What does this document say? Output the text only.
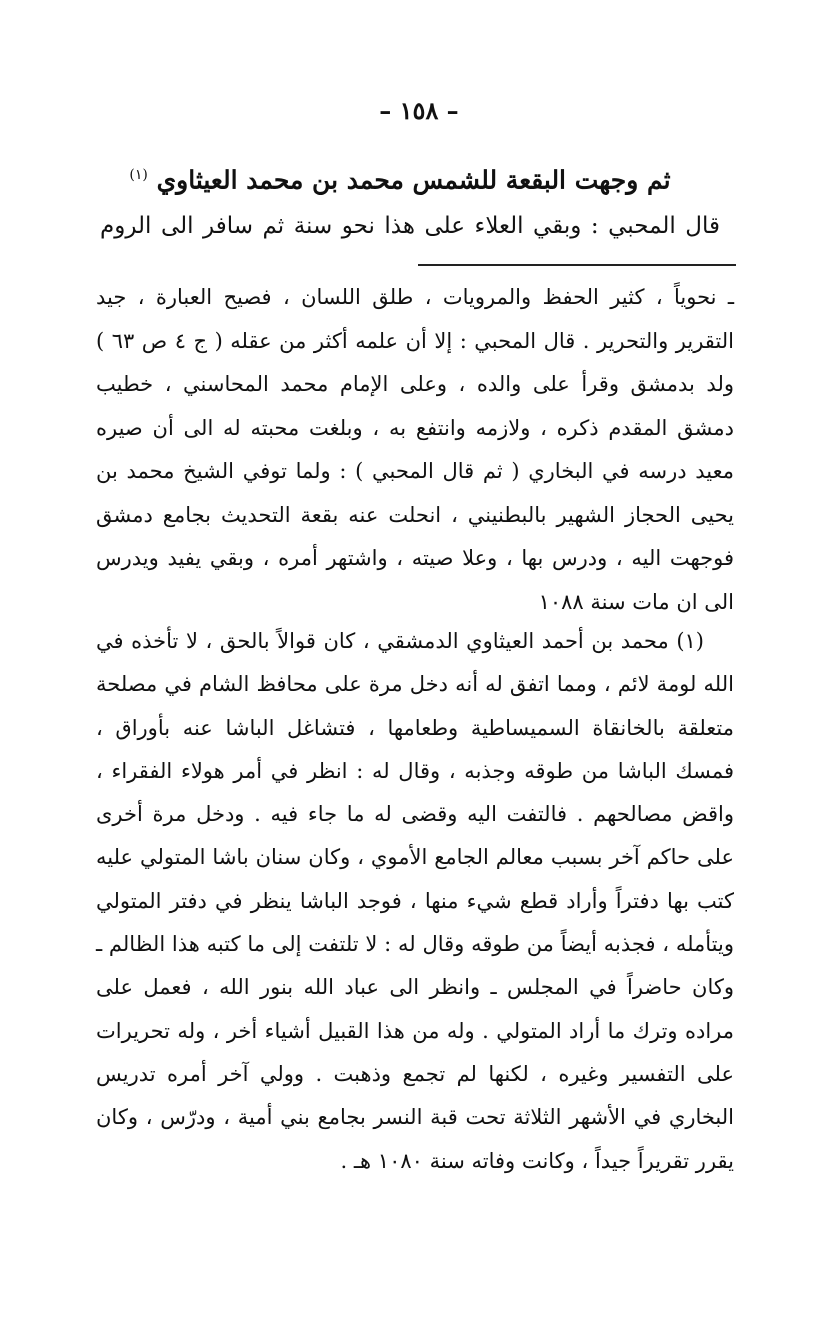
– ١٥٨ –
ثم وجهت البقعة للشمس محمد بن محمد العيثاوي $^{(١)}$
قال المحبي : وبقي العلاء على هذا نحو سنة ثم سافر الى الروم

ـ نحوياً ، كثير الحفظ والمرويات ، طلق اللسان ، فصيح العبارة ، جيد التقرير والتحرير . قال المحبي : إلا أن علمه أكثر من عقله ( ج ٤ ص ٦٣ ) ولد بدمشق وقرأ على والده ، وعلى الإمام محمد المحاسني ، خطيب دمشق المقدم ذكره ، ولازمه وانتفع به ، وبلغت محبته له الى أن صيره معيد درسه في البخاري ( ثم قال المحبي ) : ولما توفي الشيخ محمد بن يحيى الحجاز الشهير بالبطنيني ، انحلت عنه بقعة التحديث بجامع دمشق فوجهت اليه ، ودرس بها ، وعلا صيته ، واشتهر أمره ، وبقي يفيد ويدرس الى ان مات سنة ١٠٨٨

(١) محمد بن أحمد العيثاوي الدمشقي ، كان قوالاً بالحق ، لا تأخذه في الله لومة لائم ، ومما اتفق له أنه دخل مرة على محافظ الشام في مصلحة متعلقة بالخانقاة السميساطية وطعامها ، فتشاغل الباشا عنه بأوراق ، فمسك الباشا من طوقه وجذبه ، وقال له : انظر في أمر هولاء الفقراء ، واقض مصالحهم . فالتفت اليه وقضى له ما جاء فيه . ودخل مرة أخرى على حاكم آخر بسبب معالم الجامع الأموي ، وكان سنان باشا المتولي عليه كتب بها دفتراً وأراد قطع شيء منها ، فوجد الباشا ينظر في دفتر المتولي ويتأمله ، فجذبه أيضاً من طوقه وقال له : لا تلتفت إلى ما كتبه هذا الظالم ـ وكان حاضراً في المجلس ـ وانظر الى عباد الله بنور الله ، فعمل على مراده وترك ما أراد المتولي . وله من هذا القبيل أشياء أخر ، وله تحريرات على التفسير وغيره ، لكنها لم تجمع وذهبت . وولي آخر أمره تدريس البخاري في الأشهر الثلاثة تحت قبة النسر بجامع بني أمية ، ودرّس ، وكان يقرر تقريراً جيداً ، وكانت وفاته سنة ١٠٨٠ هـ .
